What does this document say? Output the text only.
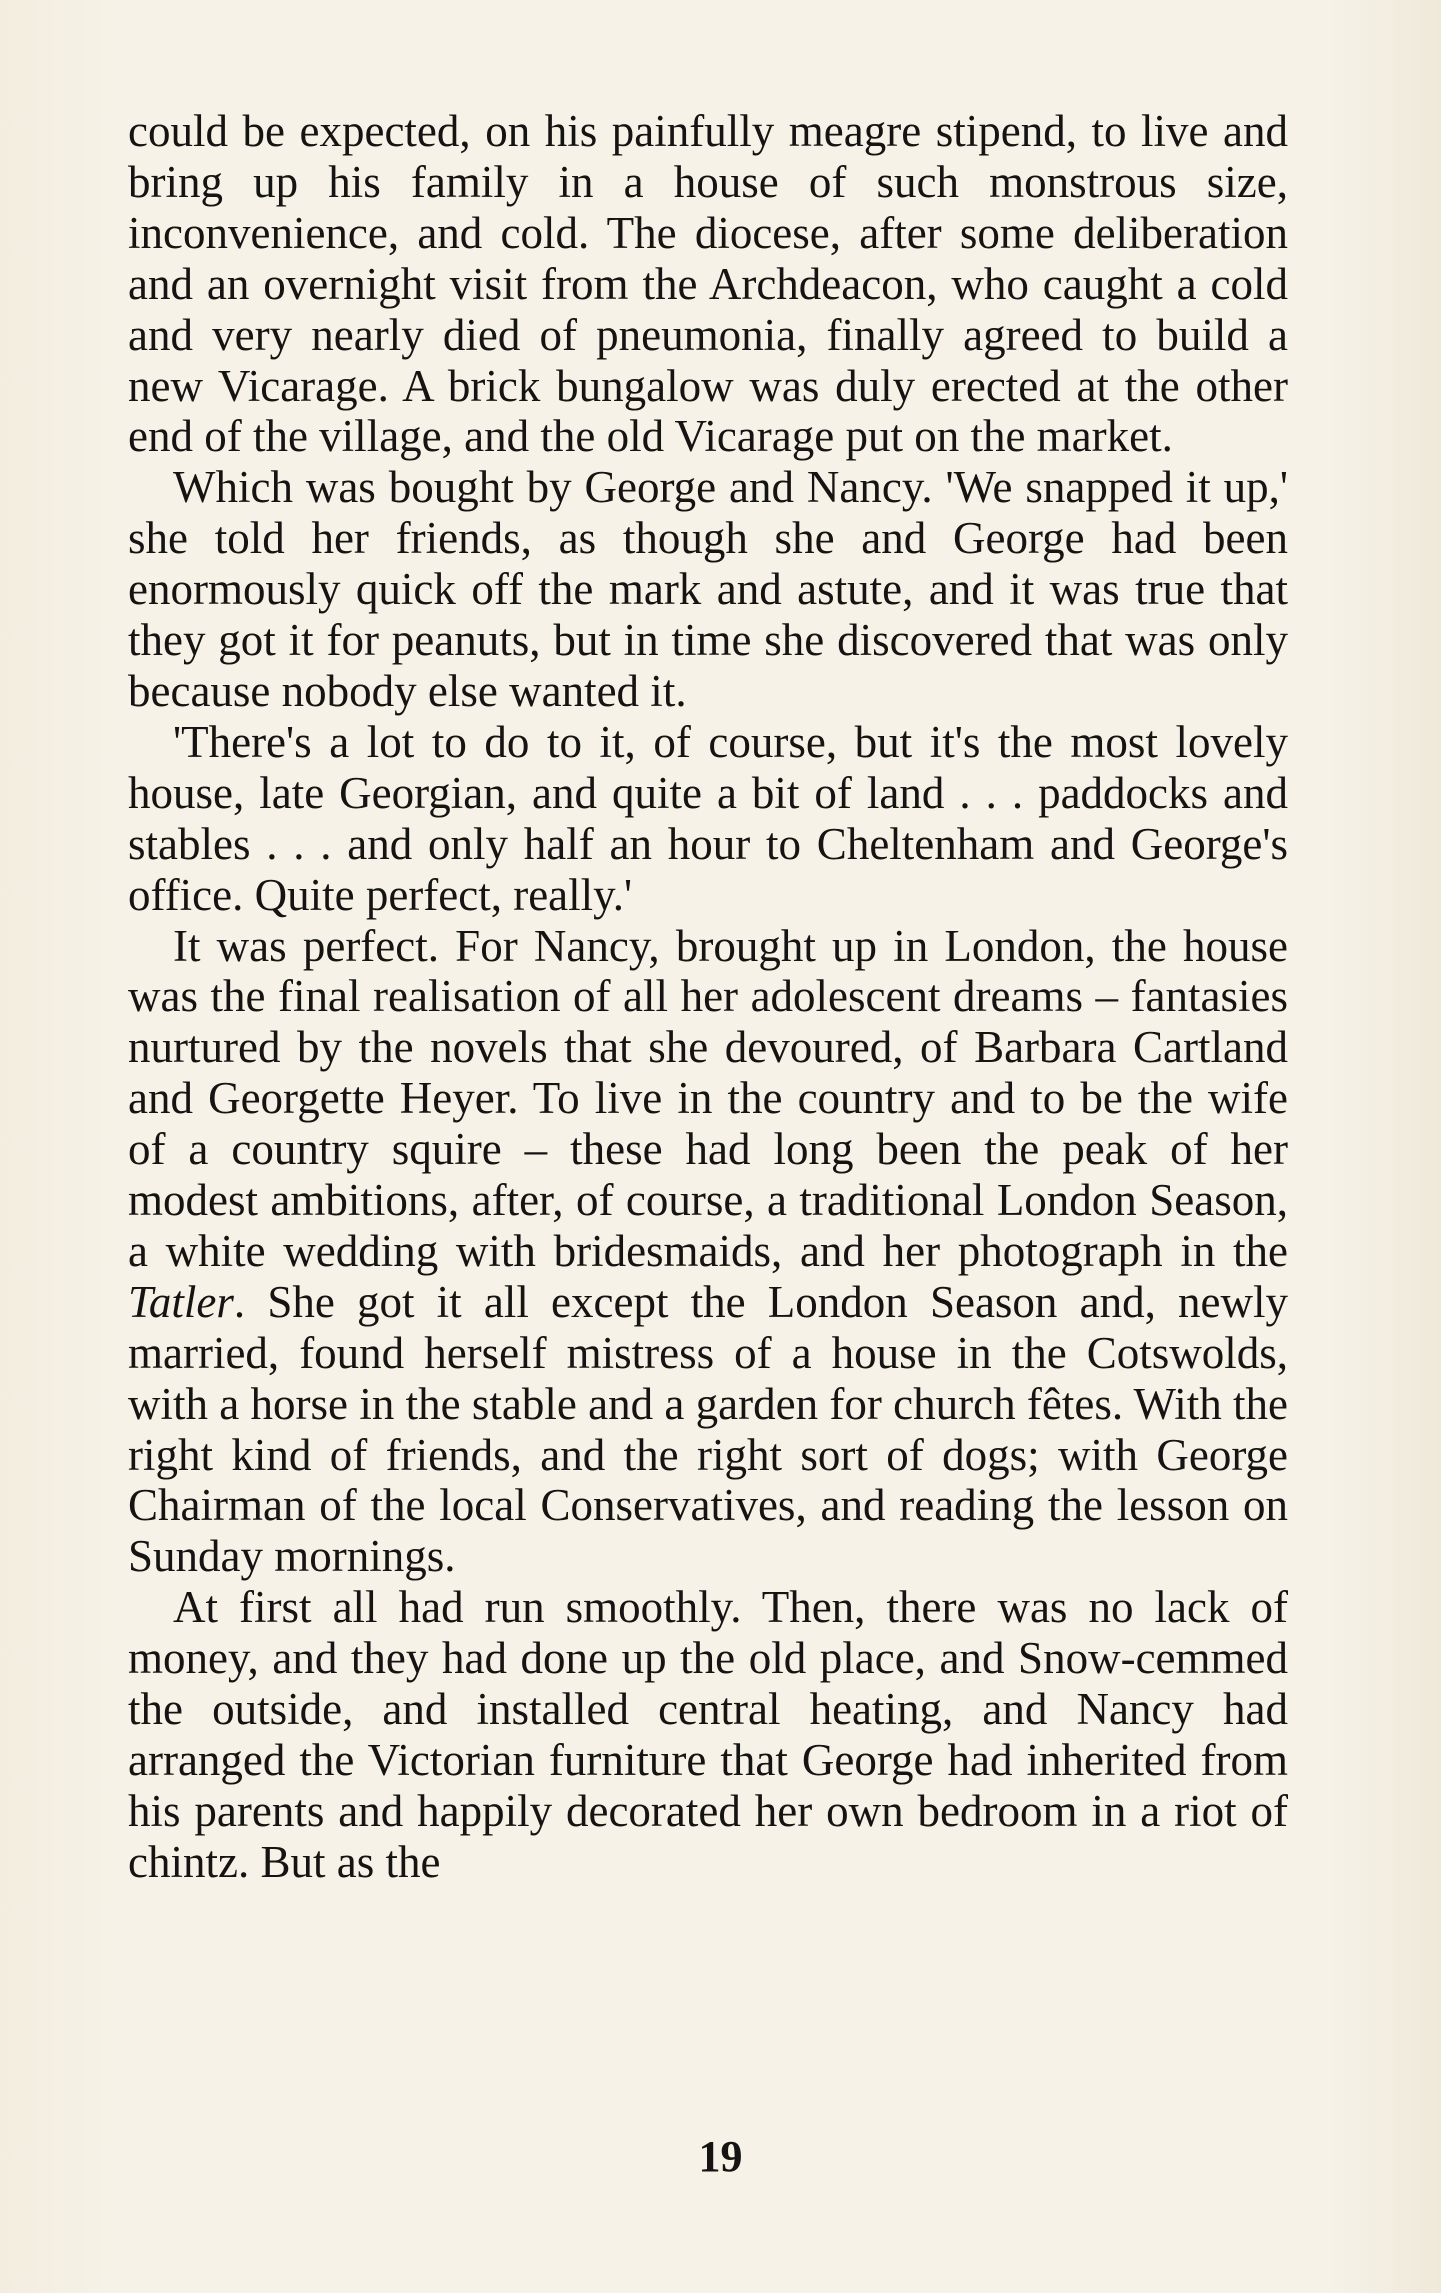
could be expected, on his painfully meagre stipend, to live and bring up his family in a house of such monstrous size, inconvenience, and cold. The diocese, after some deliberation and an overnight visit from the Archdeacon, who caught a cold and very nearly died of pneumonia, finally agreed to build a new Vicarage. A brick bungalow was duly erected at the other end of the village, and the old Vicarage put on the market.

Which was bought by George and Nancy. 'We snapped it up,' she told her friends, as though she and George had been enormously quick off the mark and astute, and it was true that they got it for peanuts, but in time she discovered that was only because nobody else wanted it.

'There's a lot to do to it, of course, but it's the most lovely house, late Georgian, and quite a bit of land . . . paddocks and stables . . . and only half an hour to Cheltenham and George's office. Quite perfect, really.'

It was perfect. For Nancy, brought up in London, the house was the final realisation of all her adolescent dreams – fantasies nurtured by the novels that she devoured, of Barbara Cartland and Georgette Heyer. To live in the country and to be the wife of a country squire – these had long been the peak of her modest ambitions, after, of course, a traditional London Season, a white wedding with bridesmaids, and her photograph in the Tatler. She got it all except the London Season and, newly married, found herself mistress of a house in the Cotswolds, with a horse in the stable and a garden for church fêtes. With the right kind of friends, and the right sort of dogs; with George Chairman of the local Conservatives, and reading the lesson on Sunday mornings.

At first all had run smoothly. Then, there was no lack of money, and they had done up the old place, and Snow-cemmed the outside, and installed central heating, and Nancy had arranged the Victorian furniture that George had inherited from his parents and happily decorated her own bedroom in a riot of chintz. But as the

19
